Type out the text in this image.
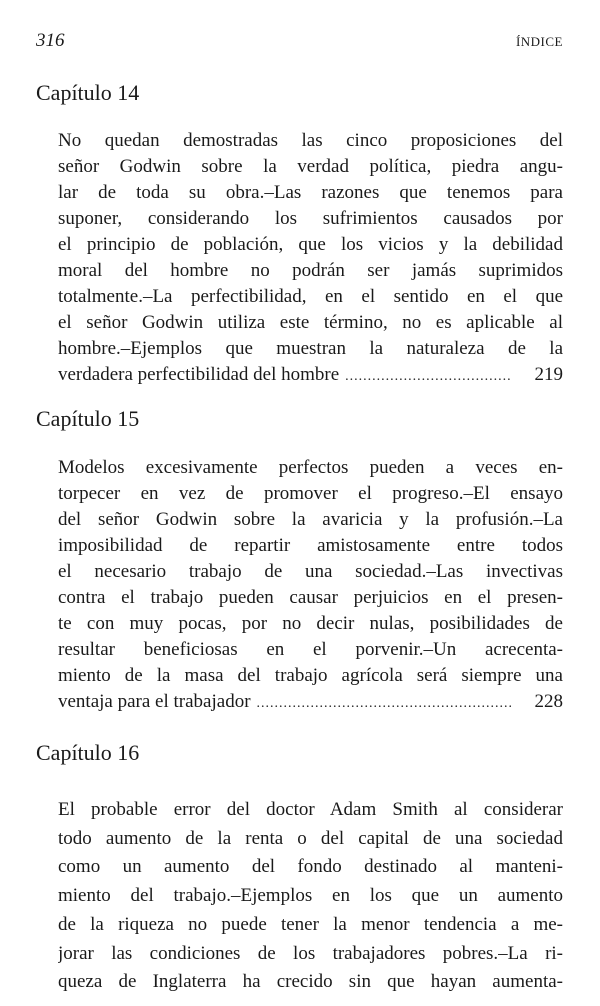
316	ÍNDICE
Capítulo 14
No quedan demostradas las cinco proposiciones del
señor Godwin sobre la verdad política, piedra angu-
lar de toda su obra.–Las razones que tenemos para
suponer, considerando los sufrimientos causados por
el principio de población, que los vicios y la debilidad
moral del hombre no podrán ser jamás suprimidos
totalmente.–La perfectibilidad, en el sentido en el que
el señor Godwin utiliza este término, no es aplicable al
hombre.–Ejemplos que muestran la naturaleza de la
verdadera perfectibilidad del hombre .....	219
Capítulo 15
Modelos excesivamente perfectos pueden a veces en-
torpecer en vez de promover el progreso.–El ensayo
del señor Godwin sobre la avaricia y la profusión.–La
imposibilidad de repartir amistosamente entre todos
el necesario trabajo de una sociedad.–Las invectivas
contra el trabajo pueden causar perjuicios en el presen-
te con muy pocas, por no decir nulas, posibilidades de
resultar beneficiosas en el porvenir.–Un acrecenta-
miento de la masa del trabajo agrícola será siempre una
ventaja para el trabajador .....	228
Capítulo 16
El probable error del doctor Adam Smith al considerar
todo aumento de la renta o del capital de una sociedad
como un aumento del fondo destinado al manteni-
miento del trabajo.–Ejemplos en los que un aumento
de la riqueza no puede tener la menor tendencia a me-
jorar las condiciones de los trabajadores pobres.–La ri-
queza de Inglaterra ha crecido sin que hayan aumenta-
